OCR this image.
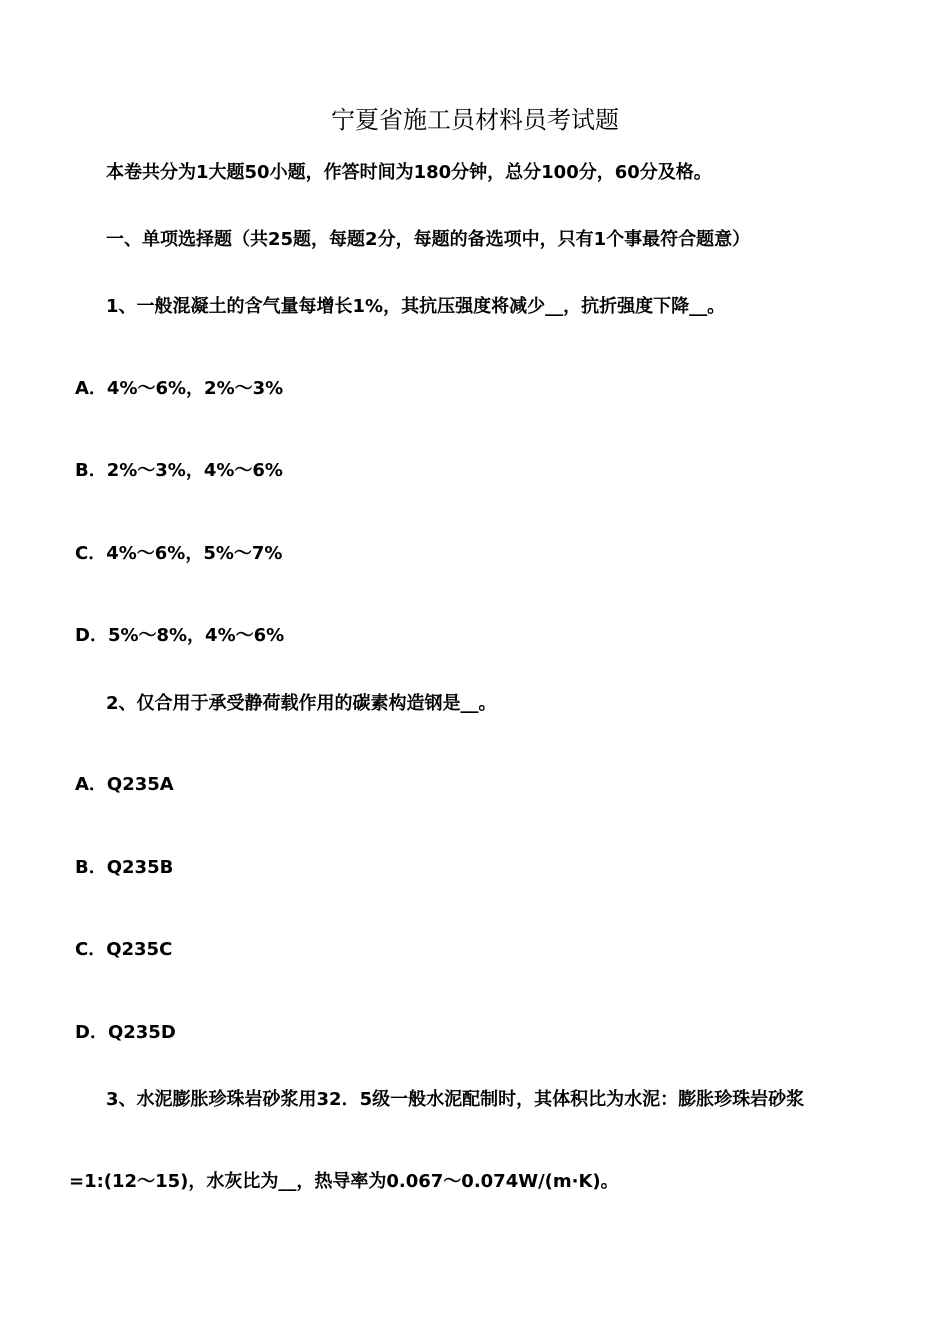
宁夏省施工员材料员考试题
本卷共分为1大题50小题，作答时间为180分钟，总分100分，60分及格。
一、单项选择题（共25题，每题2分，每题的备选项中，只有1个事最符合题意）
1、一般混凝土的含气量每增长1%，其抗压强度将减少__，抗折强度下降__。
A．4%～6%，2%～3%
B．2%～3%，4%～6%
C．4%～6%，5%～7%
D．5%～8%，4%～6%
2、仅合用于承受静荷载作用的碳素构造钢是__。
A．Q235A
B．Q235B
C．Q235C
D．Q235D
3、水泥膨胀珍珠岩砂浆用32．5级一般水泥配制时，其体积比为水泥：膨胀珍珠岩砂浆
=1:(12～15)，水灰比为__，热导率为0.067～0.074W/(m·K)。
